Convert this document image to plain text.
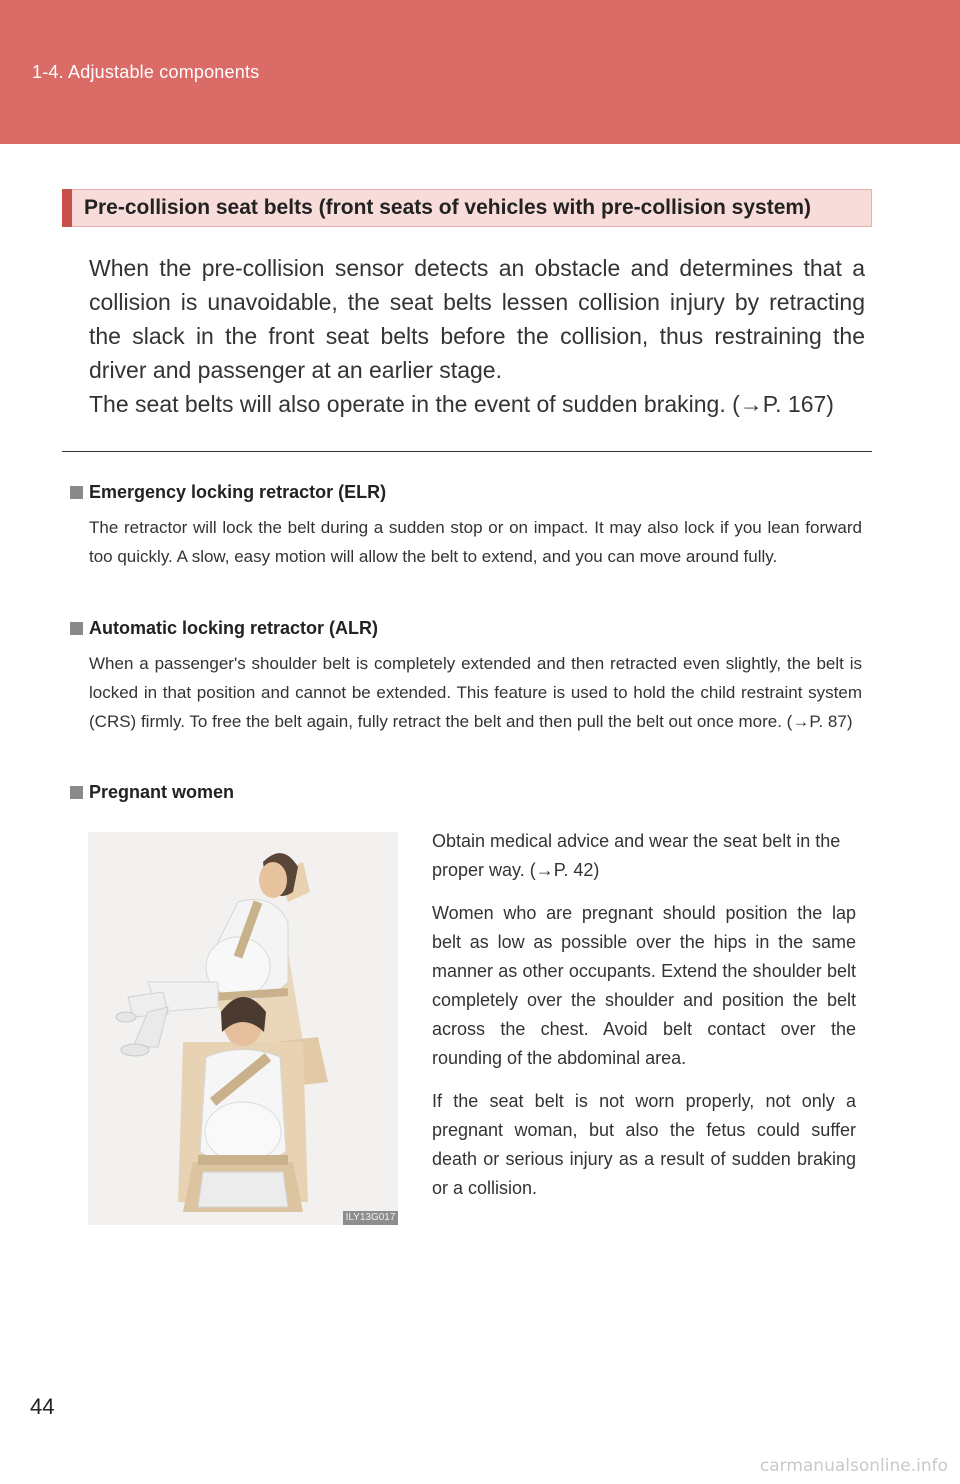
1-4. Adjustable components
Pre-collision seat belts (front seats of vehicles with pre-collision system)

When the pre-collision sensor detects an obstacle and determines that a collision is unavoidable, the seat belts lessen collision injury by retracting the slack in the front seat belts before the collision, thus restraining the driver and passenger at an earlier stage.

The seat belts will also operate in the event of sudden braking. (→P. 167)

Emergency locking retractor (ELR)
The retractor will lock the belt during a sudden stop or on impact. It may also lock if you lean forward too quickly. A slow, easy motion will allow the belt to extend, and you can move around fully.
Automatic locking retractor (ALR)
When a passenger's shoulder belt is completely extended and then retracted even slightly, the belt is locked in that position and cannot be extended. This feature is used to hold the child restraint system (CRS) firmly. To free the belt again, fully retract the belt and then pull the belt out once more. (→P. 87)
Pregnant women
ILY13G017

Obtain medical advice and wear the seat belt in the proper way. (→P. 42)

Women who are pregnant should position the lap belt as low as possible over the hips in the same manner as other occupants. Extend the shoulder belt completely over the shoulder and position the belt across the chest. Avoid belt contact over the rounding of the abdominal area.

If the seat belt is not worn properly, not only a pregnant woman, but also the fetus could suffer death or serious injury as a result of sudden braking or a collision.

44
carmanualsonline.info
